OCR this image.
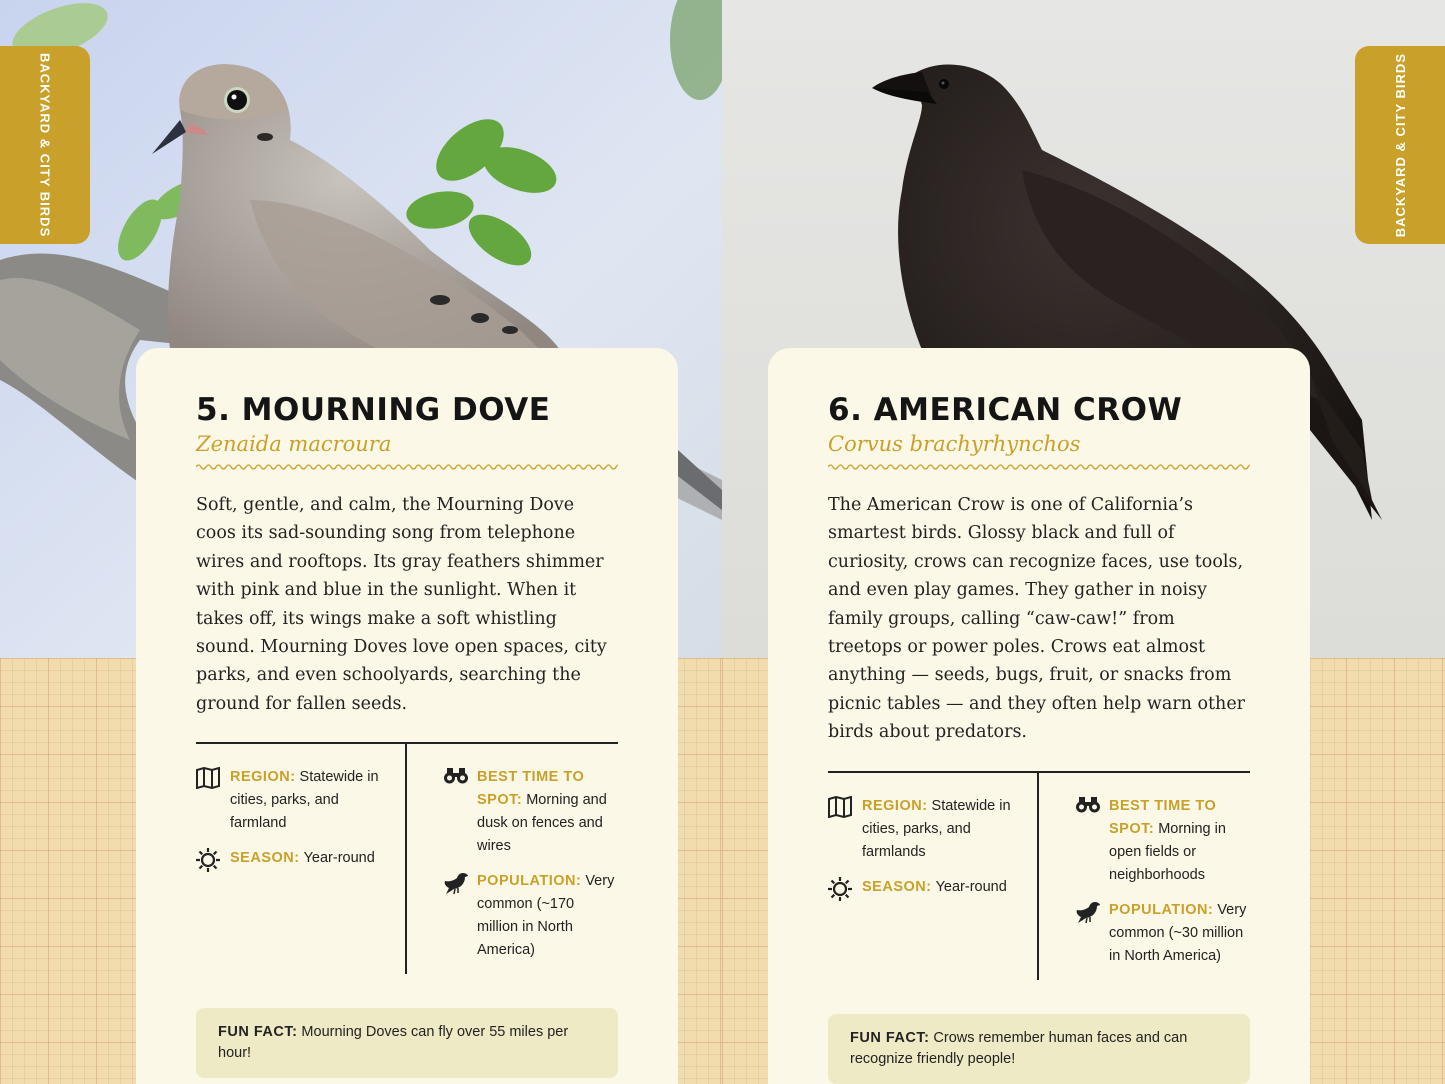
BACKYARD & CITY BIRDS
5. MOURNING DOVE
Zenaida macroura

Soft, gentle, and calm, the Mourning Dove coos its sad-sounding song from telephone wires and rooftops. Its gray feathers shimmer with pink and blue in the sunlight. When it takes off, its wings make a soft whistling sound. Mourning Doves love open spaces, city parks, and even schoolyards, searching the ground for fallen seeds.

REGION: Statewide in cities, parks, and farmland
SEASON: Year-round
BEST TIME TO SPOT: Morning and dusk on fences and wires
POPULATION: Very common (~170 million in North America)
FUN FACT: Mourning Doves can fly over 55 miles per hour!
BACKYARD & CITY BIRDS
6. AMERICAN CROW
Corvus brachyrhynchos

The American Crow is one of California’s smartest birds. Glossy black and full of curiosity, crows can recognize faces, use tools, and even play games. They gather in noisy family groups, calling “caw-caw!” from treetops or power poles. Crows eat almost anything — seeds, bugs, fruit, or snacks from picnic tables — and they often help warn other birds about predators.

REGION: Statewide in cities, parks, and farmlands
SEASON: Year-round
BEST TIME TO SPOT: Morning in open fields or neighborhoods
POPULATION: Very common (~30 million in North America)
FUN FACT: Crows remember human faces and can recognize friendly people!
